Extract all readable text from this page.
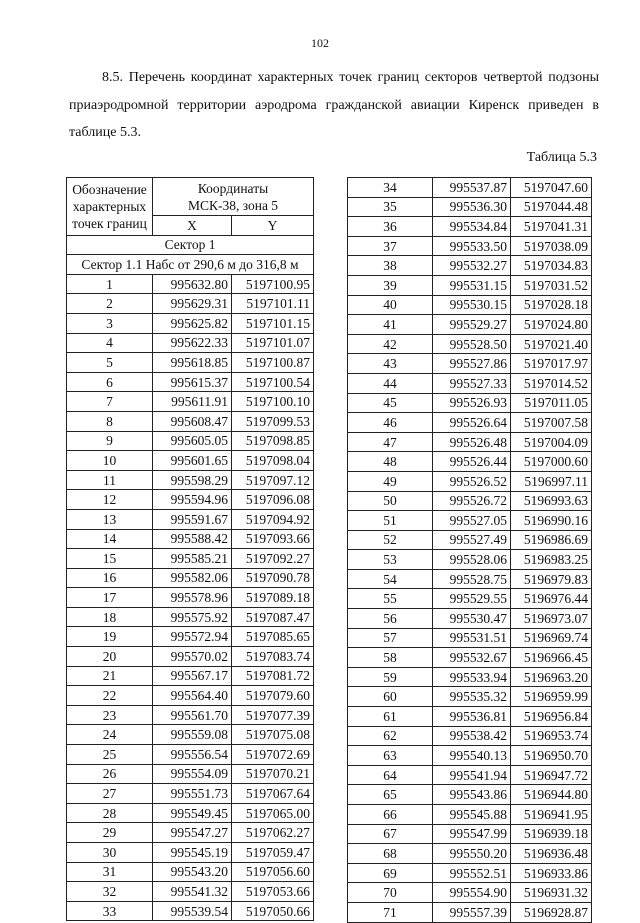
102

8.5. Перечень координат характерных точек границ секторов четвертой подзоны приаэродромной территории аэродрома гражданской авиации Киренск приведен в таблице 5.3.

Таблица 5.3
Обозначение
характерных
точек границ	Координаты
МСК-38, зона 5	

	X	Y
Сектор 1		
Сектор 1.1 Набс от 290,6 м до 316,8 м		
1	995632.80	5197100.95
2	995629.31	5197101.11
3	995625.82	5197101.15
4	995622.33	5197101.07
5	995618.85	5197100.87
6	995615.37	5197100.54
7	995611.91	5197100.10
8	995608.47	5197099.53
9	995605.05	5197098.85
10	995601.65	5197098.04
11	995598.29	5197097.12
12	995594.96	5197096.08
13	995591.67	5197094.92
14	995588.42	5197093.66
15	995585.21	5197092.27
16	995582.06	5197090.78
17	995578.96	5197089.18
18	995575.92	5197087.47
19	995572.94	5197085.65
20	995570.02	5197083.74
21	995567.17	5197081.72
22	995564.40	5197079.60
23	995561.70	5197077.39
24	995559.08	5197075.08
25	995556.54	5197072.69
26	995554.09	5197070.21
27	995551.73	5197067.64
28	995549.45	5197065.00
29	995547.27	5197062.27
30	995545.19	5197059.47
31	995543.20	5197056.60
32	995541.32	5197053.66
33	995539.54	5197050.66
34	995537.87	5197047.60
35	995536.30	5197044.48
36	995534.84	5197041.31
37	995533.50	5197038.09
38	995532.27	5197034.83
39	995531.15	5197031.52
40	995530.15	5197028.18
41	995529.27	5197024.80
42	995528.50	5197021.40
43	995527.86	5197017.97
44	995527.33	5197014.52
45	995526.93	5197011.05
46	995526.64	5197007.58
47	995526.48	5197004.09
48	995526.44	5197000.60
49	995526.52	5196997.11
50	995526.72	5196993.63
51	995527.05	5196990.16
52	995527.49	5196986.69
53	995528.06	5196983.25
54	995528.75	5196979.83
55	995529.55	5196976.44
56	995530.47	5196973.07
57	995531.51	5196969.74
58	995532.67	5196966.45
59	995533.94	5196963.20
60	995535.32	5196959.99
61	995536.81	5196956.84
62	995538.42	5196953.74
63	995540.13	5196950.70
64	995541.94	5196947.72
65	995543.86	5196944.80
66	995545.88	5196941.95
67	995547.99	5196939.18
68	995550.20	5196936.48
69	995552.51	5196933.86
70	995554.90	5196931.32
71	995557.39	5196928.87
